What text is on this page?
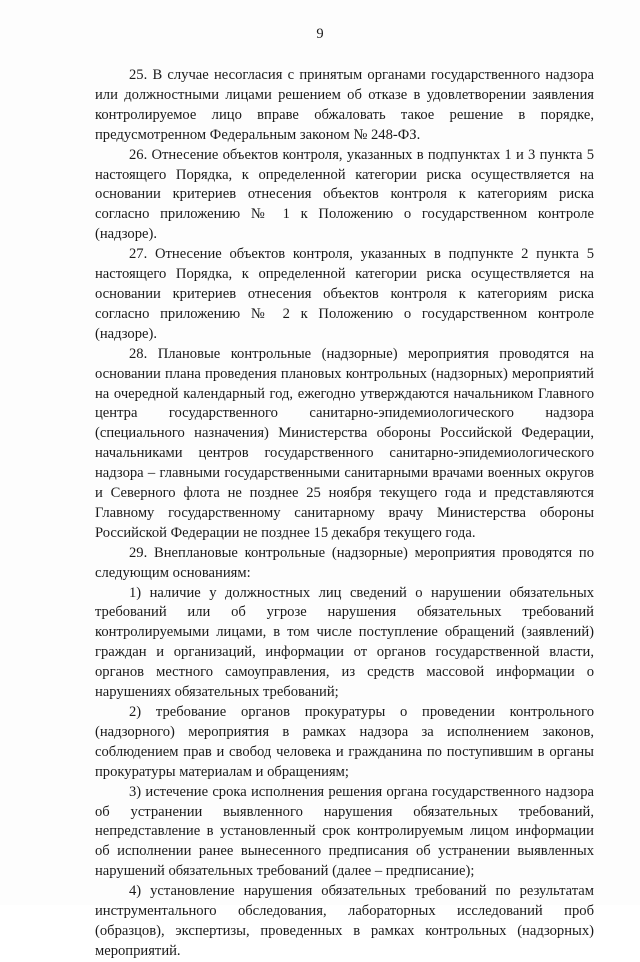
9

25. В случае несогласия с принятым органами государственного надзора или должностными лицами решением об отказе в удовлетворении заявления контролируемое лицо вправе обжаловать такое решение в порядке, предусмотренном Федеральным законом № 248-ФЗ.

26. Отнесение объектов контроля, указанных в подпунктах 1 и 3 пункта 5 настоящего Порядка, к определенной категории риска осуществляется на основании критериев отнесения объектов контроля к категориям риска согласно приложению № 1 к Положению о государственном контроле (надзоре).

27. Отнесение объектов контроля, указанных в подпункте 2 пункта 5 настоящего Порядка, к определенной категории риска осуществляется на основании критериев отнесения объектов контроля к категориям риска согласно приложению № 2 к Положению о государственном контроле (надзоре).

28. Плановые контрольные (надзорные) мероприятия проводятся на основании плана проведения плановых контрольных (надзорных) мероприятий на очередной календарный год, ежегодно утверждаются начальником Главного центра государственного санитарно-эпидемиологического надзора (специального назначения) Министерства обороны Российской Федерации, начальниками центров государственного санитарно-эпидемиологического надзора – главными государственными санитарными врачами военных округов и Северного флота не позднее 25 ноября текущего года и представляются Главному государственному санитарному врачу Министерства обороны Российской Федерации не позднее 15 декабря текущего года.

29. Внеплановые контрольные (надзорные) мероприятия проводятся по следующим основаниям:

1) наличие у должностных лиц сведений о нарушении обязательных требований или об угрозе нарушения обязательных требований контролируемыми лицами, в том числе поступление обращений (заявлений) граждан и организаций, информации от органов государственной власти, органов местного самоуправления, из средств массовой информации о нарушениях обязательных требований;

2) требование органов прокуратуры о проведении контрольного (надзорного) мероприятия в рамках надзора за исполнением законов, соблюдением прав и свобод человека и гражданина по поступившим в органы прокуратуры материалам и обращениям;

3) истечение срока исполнения решения органа государственного надзора об устранении выявленного нарушения обязательных требований, непредставление в установленный срок контролируемым лицом информации об исполнении ранее вынесенного предписания об устранении выявленных нарушений обязательных требований (далее – предписание);

4) установление нарушения обязательных требований по результатам инструментального обследования, лабораторных исследований проб (образцов), экспертизы, проведенных в рамках контрольных (надзорных) мероприятий.
